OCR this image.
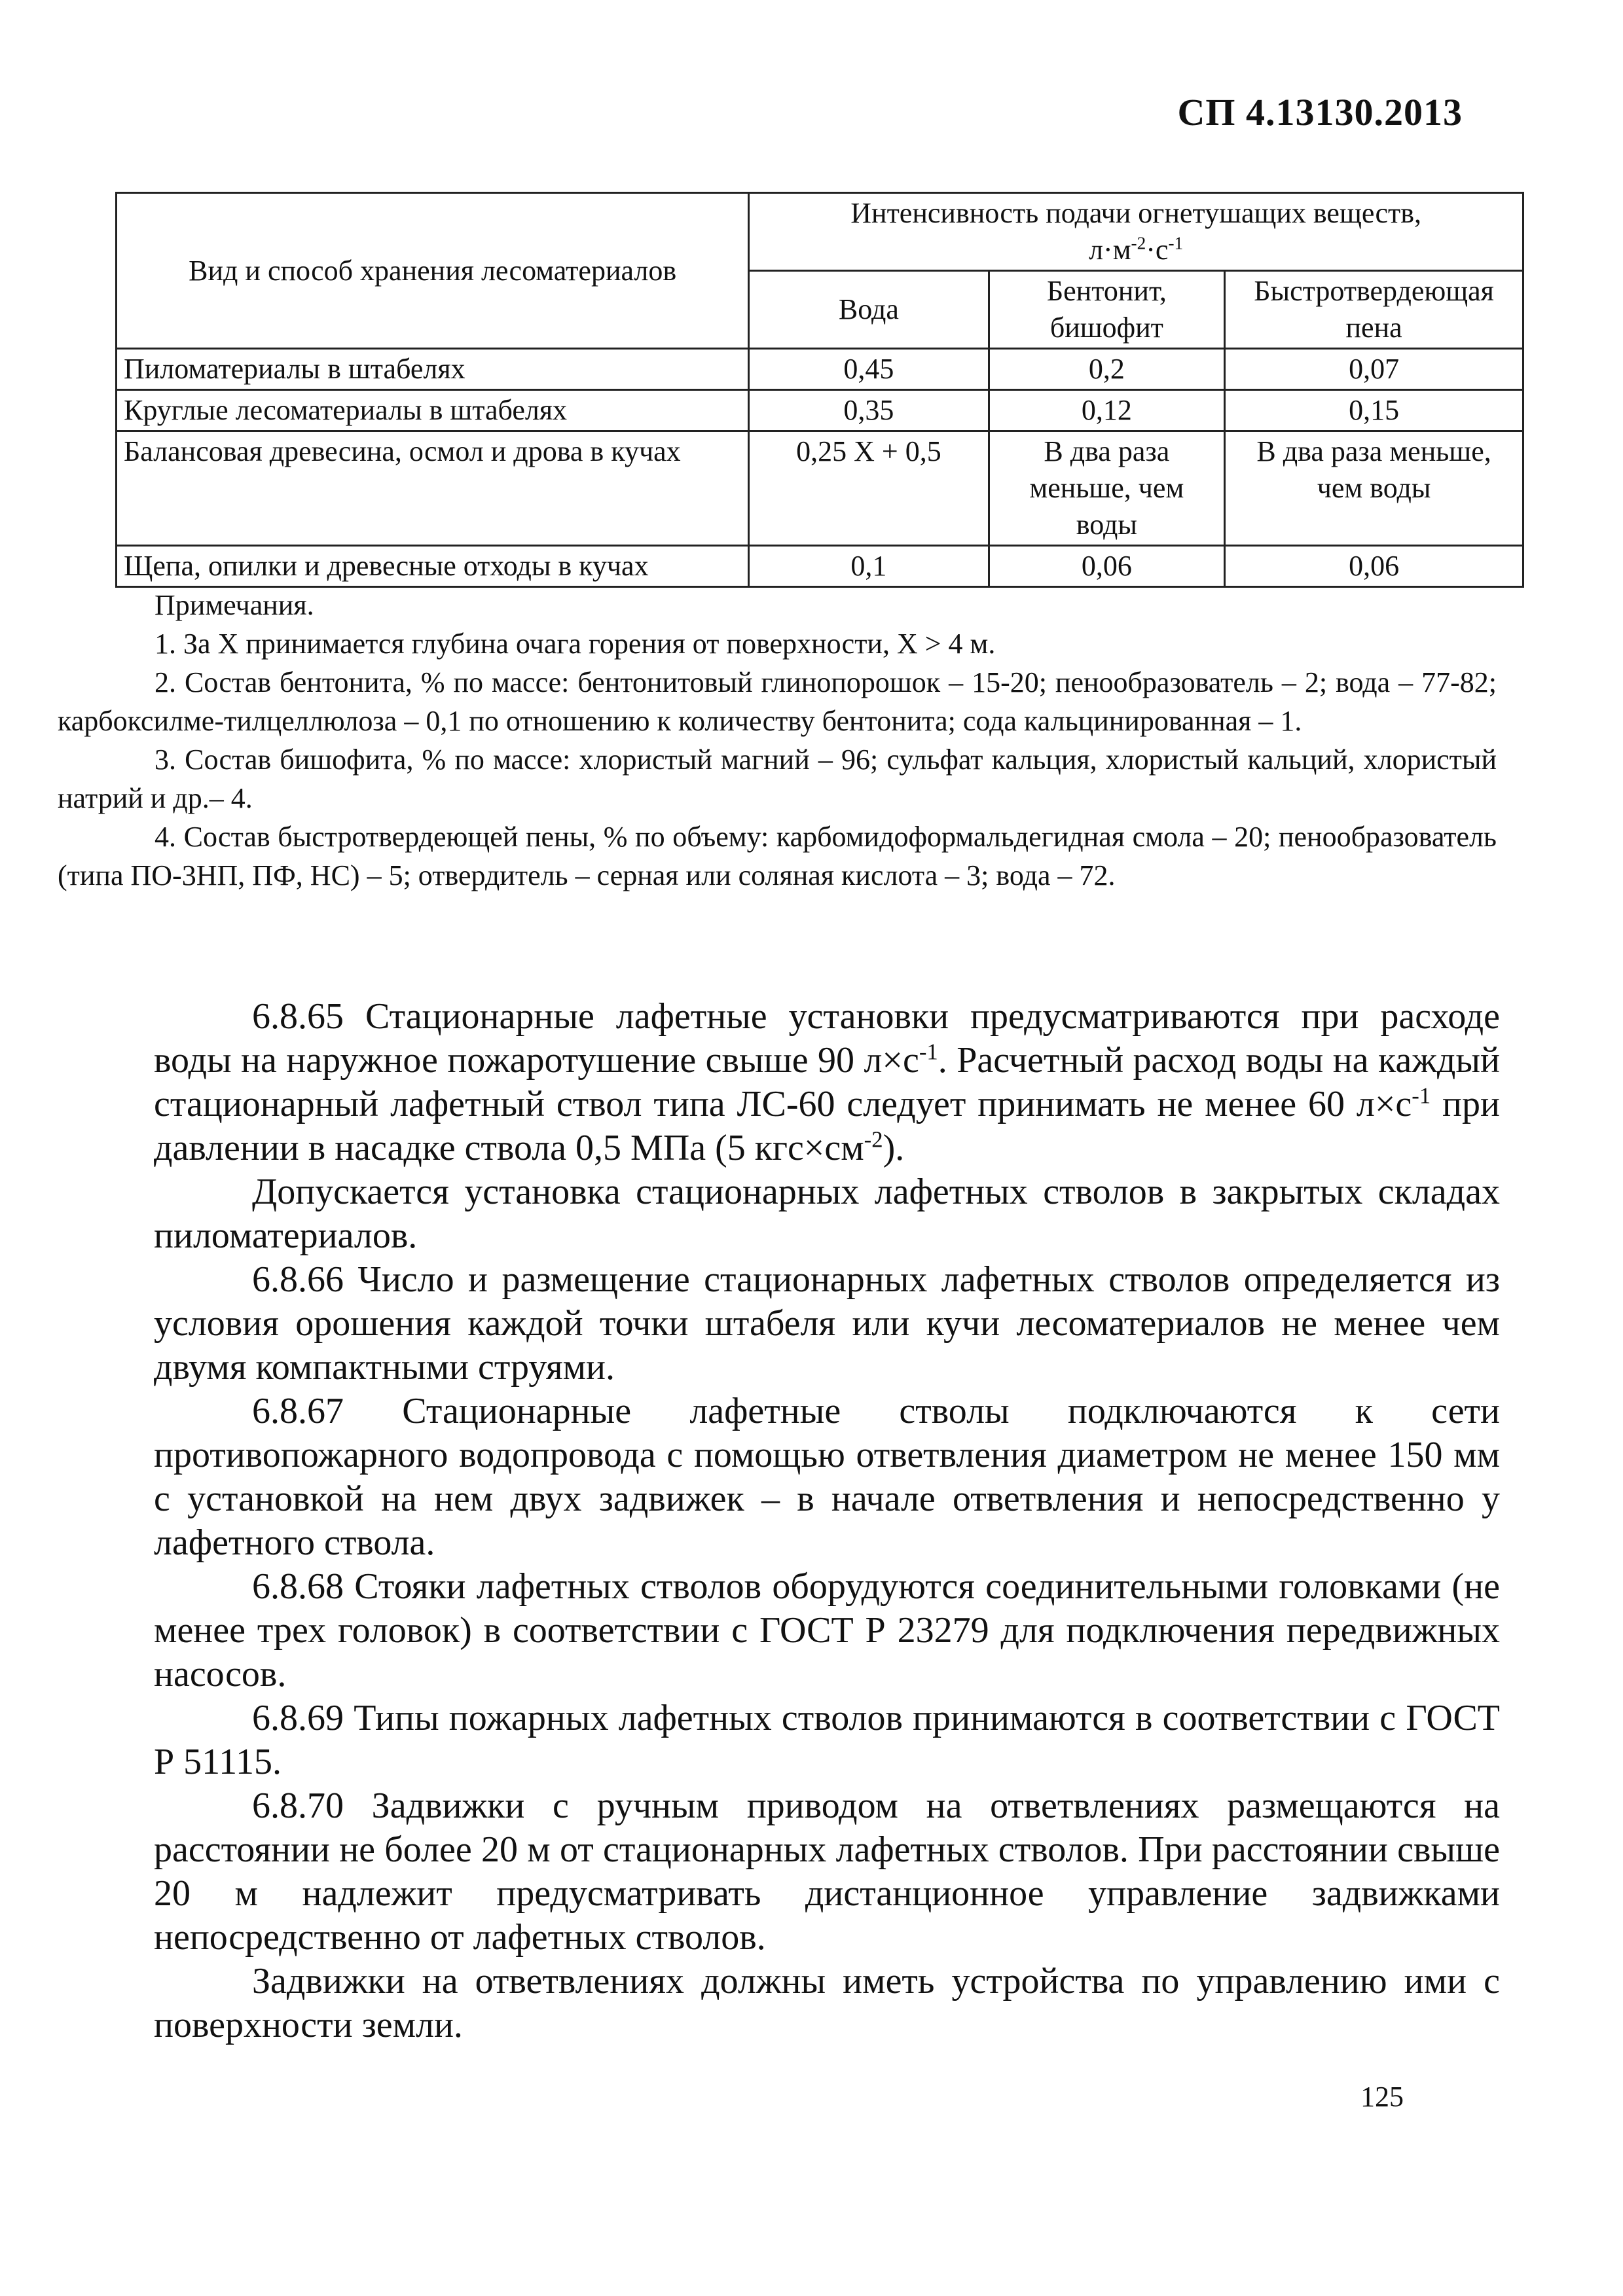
СП 4.13130.2013
Вид и способ хранения лесоматериалов	Интенсивность подачи огнетушащих веществ,
$л\cdot м^{-2}\cdot с^{-1}$
	Вода	Бентонит, бишофит	Быстротвердеющая пена
Пиломатериалы в штабелях	0,45	0,2	0,07
Круглые лесоматериалы в штабелях	0,35	0,12	0,15
Балансовая древесина, осмол и дрова в кучах	0,25 Х + 0,5	В два раза меньше, чем воды	В два раза меньше, чем воды
Щепа, опилки и древесные отходы в кучах	0,1	0,06	0,06

Примечания.

1. За Х принимается глубина очага горения от поверхности, Х > 4 м.

2. Состав бентонита, % по массе: бентонитовый глинопорошок – 15-20; пенообразователь – 2; вода – 77-82; карбоксилме-тилцеллюлоза – 0,1 по отношению к количеству бентонита; сода кальцинированная – 1.

3. Состав бишофита, % по массе: хлористый магний – 96; сульфат кальция, хлористый кальций, хлористый натрий и др.– 4.

4. Состав быстротвердеющей пены, % по объему: карбомидоформальдегидная смола – 20; пенообразователь (типа ПО-3НП, ПФ, НС) – 5; отвердитель – серная или соляная кислота – 3; вода – 72.

6.8.65 Стационарные лафетные установки предусматриваются при расходе воды на наружное пожаротушение свыше 90 $л\times с^{-1}$. Расчетный расход воды на каждый стационарный лафетный ствол типа ЛС-60 следует принимать не менее 60 $л\times с^{-1}$ при давлении в насадке ствола 0,5 МПа (5 $кгс\times см^{-2}$).

Допускается установка стационарных лафетных стволов в закрытых складах пиломатериалов.

6.8.66 Число и размещение стационарных лафетных стволов определяется из условия орошения каждой точки штабеля или кучи лесоматериалов не менее чем двумя компактными струями.

6.8.67 Стационарные лафетные стволы подключаются к сети противопожарного водопровода с помощью ответвления диаметром не менее 150 мм с установкой на нем двух задвижек – в начале ответвления и непосредственно у лафетного ствола.

6.8.68 Стояки лафетных стволов оборудуются соединительными головками (не менее трех головок) в соответствии с ГОСТ Р 23279 для подключения передвижных насосов.

6.8.69 Типы пожарных лафетных стволов принимаются в соответствии с ГОСТ Р 51115.

6.8.70 Задвижки с ручным приводом на ответвлениях размещаются на расстоянии не более 20 м от стационарных лафетных стволов. При расстоянии свыше 20 м надлежит предусматривать дистанционное управление задвижками непосредственно от лафетных стволов.

Задвижки на ответвлениях должны иметь устройства по управлению ими с поверхности земли.

125
